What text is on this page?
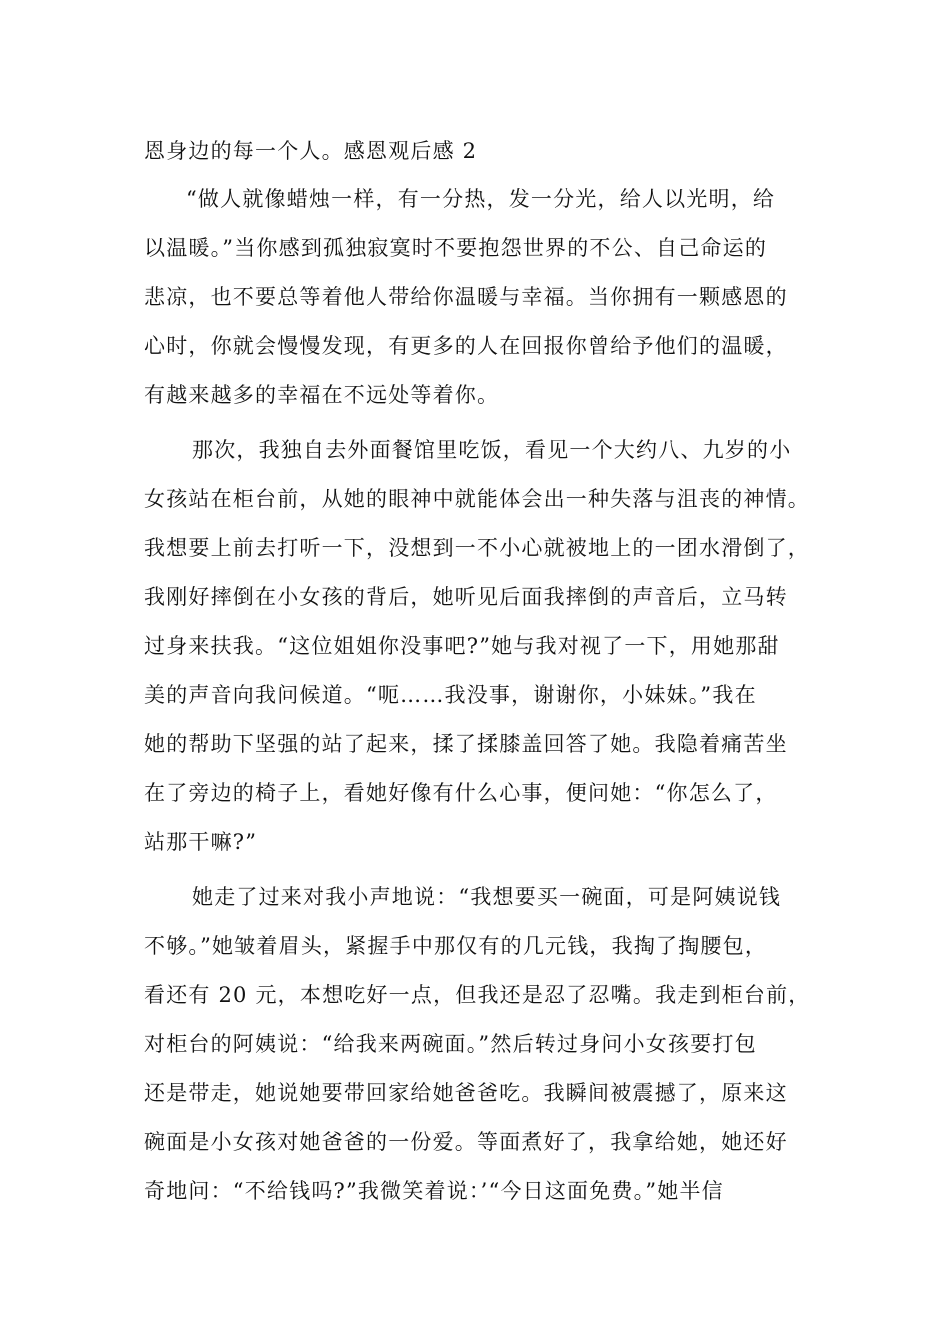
恩身边的每一个人。感恩观后感 2
“做人就像蜡烛一样，有一分热，发一分光，给人以光明，给
以温暖。”当你感到孤独寂寞时不要抱怨世界的不公、自己命运的
悲凉，也不要总等着他人带给你温暖与幸福。当你拥有一颗感恩的
心时，你就会慢慢发现，有更多的人在回报你曾给予他们的温暖，
有越来越多的幸福在不远处等着你。
那次，我独自去外面餐馆里吃饭，看见一个大约八、九岁的小
女孩站在柜台前，从她的眼神中就能体会出一种失落与沮丧的神情。
我想要上前去打听一下，没想到一不小心就被地上的一团水滑倒了，
我刚好摔倒在小女孩的背后，她听见后面我摔倒的声音后，立马转
过身来扶我。“这位姐姐你没事吧?”她与我对视了一下，用她那甜
美的声音向我问候道。“呃……我没事，谢谢你，小妹妹。”我在
她的帮助下坚强的站了起来，揉了揉膝盖回答了她。我隐着痛苦坐
在了旁边的椅子上，看她好像有什么心事，便问她：“你怎么了，
站那干嘛?”
她走了过来对我小声地说：“我想要买一碗面，可是阿姨说钱
不够。”她皱着眉头，紧握手中那仅有的几元钱，我掏了掏腰包，
看还有 20 元，本想吃好一点，但我还是忍了忍嘴。我走到柜台前，
对柜台的阿姨说：“给我来两碗面。”然后转过身问小女孩要打包
还是带走，她说她要带回家给她爸爸吃。我瞬间被震撼了，原来这
碗面是小女孩对她爸爸的一份爱。等面煮好了，我拿给她，她还好
奇地问：“不给钱吗?”我微笑着说：’“今日这面免费。”她半信
